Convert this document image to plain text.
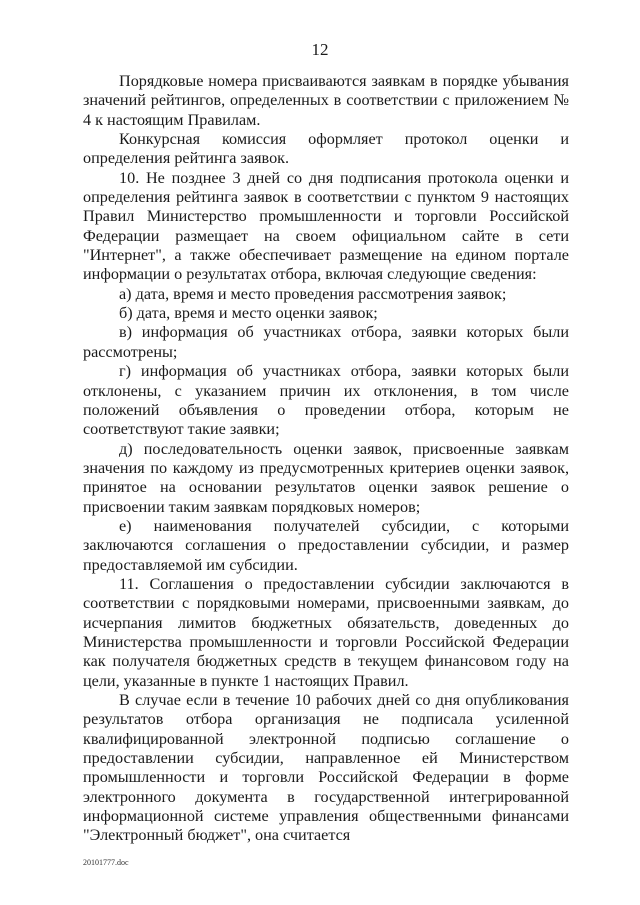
12

Порядковые номера присваиваются заявкам в порядке убывания значений рейтингов, определенных в соответствии с приложением № 4 к настоящим Правилам.

Конкурсная комиссия оформляет протокол оценки и определения рейтинга заявок.

10. Не позднее 3 дней со дня подписания протокола оценки и определения рейтинга заявок в соответствии с пунктом 9 настоящих Правил Министерство промышленности и торговли Российской Федерации размещает на своем официальном сайте в сети "Интернет", а также обеспечивает размещение на едином портале информации о результатах отбора, включая следующие сведения:

а) дата, время и место проведения рассмотрения заявок;

б) дата, время и место оценки заявок;

в) информация об участниках отбора, заявки которых были рассмотрены;

г) информация об участниках отбора, заявки которых были отклонены, с указанием причин их отклонения, в том числе положений объявления о проведении отбора, которым не соответствуют такие заявки;

д) последовательность оценки заявок, присвоенные заявкам значения по каждому из предусмотренных критериев оценки заявок, принятое на основании результатов оценки заявок решение о присвоении таким заявкам порядковых номеров;

е) наименования получателей субсидии, с которыми заключаются соглашения о предоставлении субсидии, и размер предоставляемой им субсидии.

11. Соглашения о предоставлении субсидии заключаются в соответствии с порядковыми номерами, присвоенными заявкам, до исчерпания лимитов бюджетных обязательств, доведенных до Министерства промышленности и торговли Российской Федерации как получателя бюджетных средств в текущем финансовом году на цели, указанные в пункте 1 настоящих Правил.

В случае если в течение 10 рабочих дней со дня опубликования результатов отбора организация не подписала усиленной квалифицированной электронной подписью соглашение о предоставлении субсидии, направленное ей Министерством промышленности и торговли Российской Федерации в форме электронного документа в государственной интегрированной информационной системе управления общественными финансами "Электронный бюджет", она считается

20101777.doc
